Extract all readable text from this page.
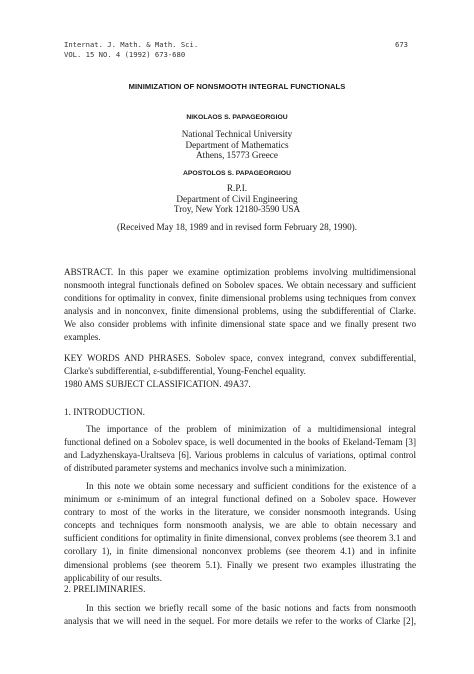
Internat. J. Math. & Math. Sci.
VOL. 15 NO. 4 (1992) 673-680
673
MINIMIZATION OF NONSMOOTH INTEGRAL FUNCTIONALS
NIKOLAOS S. PAPAGEORGIOU
National Technical University
Department of Mathematics
Athens, 15773 Greece
APOSTOLOS S. PAPAGEORGIOU
R.P.I.
Department of Civil Engineering
Troy, New York 12180-3590 USA
(Received May 18, 1989 and in revised form February 28, 1990).
ABSTRACT. In this paper we examine optimization problems involving multidimensional
nonsmooth integral functionals defined on Sobolev spaces. We obtain necessary and sufficient
conditions for optimality in convex, finite dimensional problems using techniques from convex
analysis and in nonconvex, finite dimensional problems, using the subdifferential of Clarke.
We also consider problems with infinite dimensional state space and we finally present two
examples.
KEY WORDS AND PHRASES. Sobolev space, convex integrand, convex subdifferential,
Clarke's subdifferential, ε-subdifferential, Young-Fenchel equality.
1980 AMS SUBJECT CLASSIFICATION. 49A37.
1. INTRODUCTION.
The importance of the problem of minimization of a multidimensional integral
functional defined on a Sobolev space, is well documented in the books of Ekeland-Temam [3]
and Ladyzhenskaya-Uraltseva [6]. Various problems in calculus of variations, optimal control
of distributed parameter systems and mechanics involve such a minimization.
In this note we obtain some necessary and sufficient conditions for the existence of a
minimum or ε-minimum of an integral functional defined on a Sobolev space. However
contrary to most of the works in the literature, we consider nonsmooth integrands. Using
concepts and techniques form nonsmooth analysis, we are able to obtain necessary and
sufficient conditions for optimality in finite dimensional, convex problems (see theorem 3.1 and
corollary 1), in finite dimensional nonconvex problems (see theorem 4.1) and in infinite
dimensional problems (see theorem 5.1). Finally we present two examples illustrating the
applicability of our results.
2. PRELIMINARIES.
In this section we briefly recall some of the basic notions and facts from nonsmooth
analysis that we will need in the sequel. For more details we refer to the works of Clarke [2],
